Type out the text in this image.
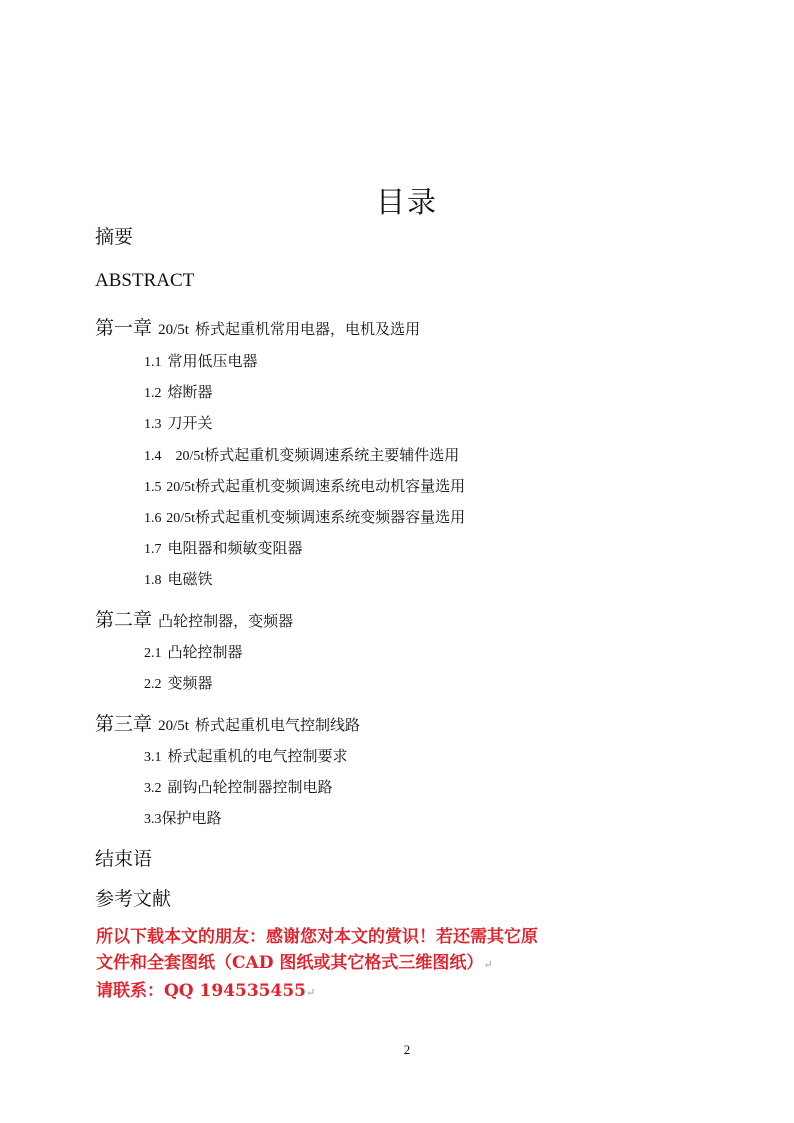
目录
摘要
ABSTRACT
第一章 20/5t 桥式起重机常用电器，电机及选用
1.1 常用低压电器
1.2 熔断器
1.3 刀开关
1.4 20/5t桥式起重机变频调速系统主要辅件选用
1.5 20/5t桥式起重机变频调速系统电动机容量选用
1.6 20/5t桥式起重机变频调速系统变频器容量选用
1.7 电阻器和频敏变阻器
1.8 电磁铁
第二章 凸轮控制器，变频器
2.1 凸轮控制器
2.2 变频器
第三章 20/5t 桥式起重机电气控制线路
3.1 桥式起重机的电气控制要求
3.2 副钩凸轮控制器控制电路
3.3保护电路
结束语
参考文献
所以下载本文的朋友：感谢您对本文的赏识！若还需其它原
文件和全套图纸（CAD 图纸或其它格式三维图纸）↵
请联系：QQ 194535455↵
2
